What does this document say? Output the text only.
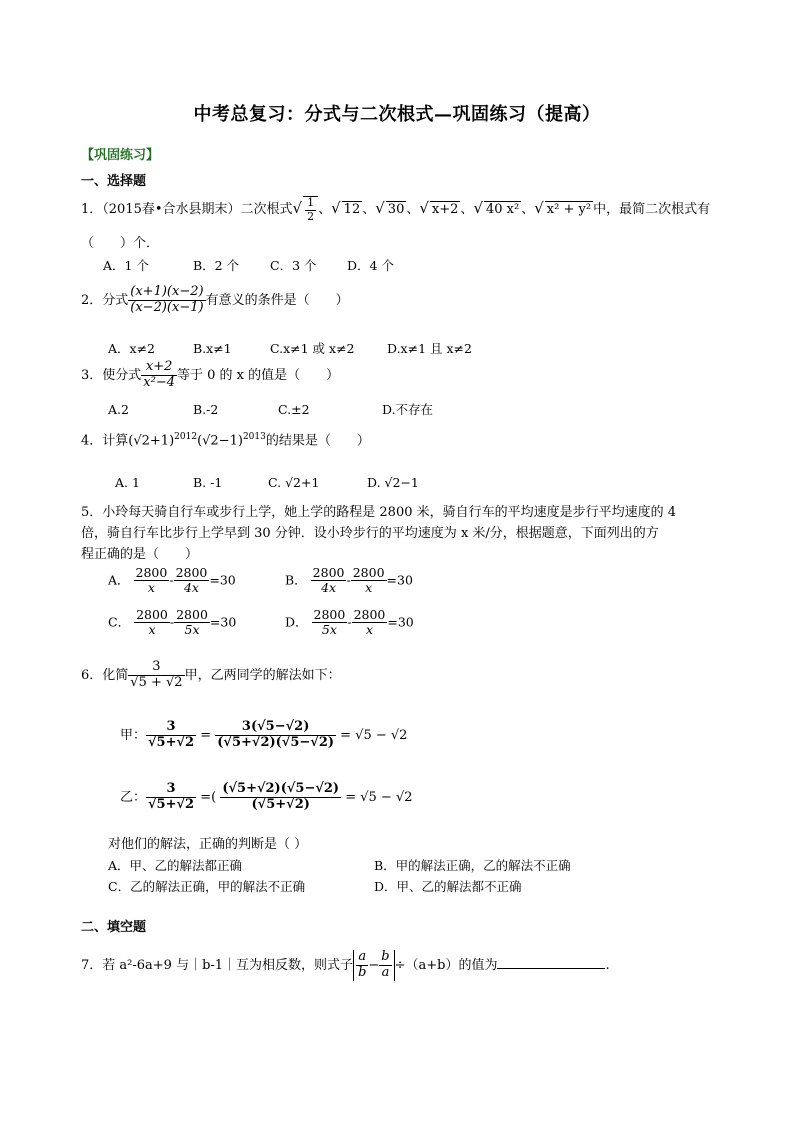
中考总复习：分式与二次根式—巩固练习（提高）
【巩固练习】
一、选择题
1．（2015春•合水县期末）二次根式√ $\frac{1}{2}$ 、√ 12 、√ 30 、√ x+2 、√ 40 x² 、√ x² + y² 中，最简二次根式有
（　　）个．
A．1 个	B．2 个 C．3 个 D．4 个
2．分式 $\frac{(x+1)(x-2)}{(x-2)(x-1)}$ 有意义的条件是（　　）
A．x≠2	B.x≠1	C.x≠1 或 x≠2	D.x≠1 且 x≠2
3．使分式 $\frac{x+2}{\text{x²−4}}$ 等于 0 的 x 的值是（　　）
A.2	B.-2	C.±2	D.不存在
4．计算$(√2+1)^{2012}(√2-1)^{2013}$的结果是（　　）
A. 1	B. -1	C. √2+1	D. √2−1
5．小玲每天骑自行车或步行上学，她上学的路程是 2800 米，骑自行车的平均速度是步行平均速度的 4
倍，骑自行车比步行上学早到 30 分钟．设小玲步行的平均速度为 x 米/分，根据题意，下面列出的方
程正确的是（　　）
A． $\frac{2800}{x} - \frac{2800}{4x} =30$	B． $\frac{2800}{4x} - \frac{2800}{x} =30$
C． $\frac{2800}{x} - \frac{2800}{5x} =30$	D． $\frac{2800}{5x} - \frac{2800}{x} =30$
6．化简 $\frac{3}{√5 + √2}$ 甲，乙两同学的解法如下：
甲： $\frac{3}{√5+√2} = \frac{3(√5-√2)}{(√5+√2)(√5-√2)} = √5 - √2$
乙： $\frac{3}{√5+√2}$ =( $\frac{(√5+√2)(√5-√2)}{(√5+√2)} = √5 - √2$
对他们的解法，正确的判断是（ ）
A．甲、乙的解法都正确	B．甲的解法正确，乙的解法不正确
C．乙的解法正确，甲的解法不正确	D．甲、乙的解法都不正确
二、填空题
7．若 a²-6a+9 与｜b-1｜互为相反数，则式子 $\frac{a}{b} - \frac{b}{a} \div(a+b)$的值为	.
